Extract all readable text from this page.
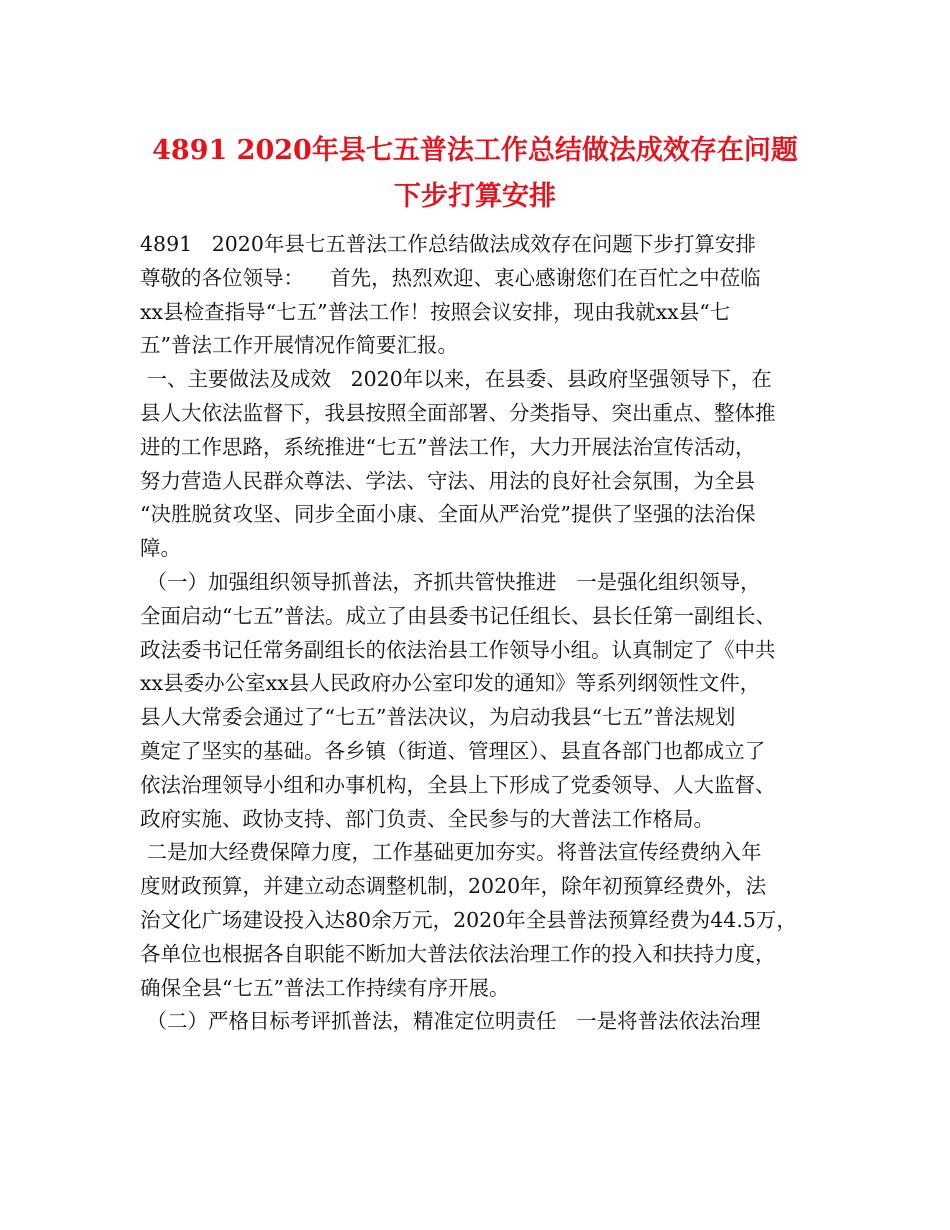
4891 2020年县七五普法工作总结做法成效存在问题
下步打算安排
4891   2020年县七五普法工作总结做法成效存在问题下步打算安排
尊敬的各位领导：    首先，热烈欢迎、衷心感谢您们在百忙之中莅临
xx县检查指导“七五”普法工作！按照会议安排，现由我就xx县“七
五”普法工作开展情况作简要汇报。
一、主要做法及成效   2020年以来，在县委、县政府坚强领导下，在
县人大依法监督下，我县按照全面部署、分类指导、突出重点、整体推
进的工作思路，系统推进“七五”普法工作，大力开展法治宣传活动，
努力营造人民群众尊法、学法、守法、用法的良好社会氛围，为全县
“决胜脱贫攻坚、同步全面小康、全面从严治党”提供了坚强的法治保
障。
（一）加强组织领导抓普法，齐抓共管快推进   一是强化组织领导，
全面启动“七五”普法。成立了由县委书记任组长、县长任第一副组长、
政法委书记任常务副组长的依法治县工作领导小组。认真制定了《中共
xx县委办公室xx县人民政府办公室印发的通知》等系列纲领性文件，
县人大常委会通过了“七五”普法决议，为启动我县“七五”普法规划
奠定了坚实的基础。各乡镇（街道、管理区）、县直各部门也都成立了
依法治理领导小组和办事机构，全县上下形成了党委领导、人大监督、
政府实施、政协支持、部门负责、全民参与的大普法工作格局。
二是加大经费保障力度，工作基础更加夯实。将普法宣传经费纳入年
度财政预算，并建立动态调整机制，2020年，除年初预算经费外，法
治文化广场建设投入达80余万元，2020年全县普法预算经费为44.5万，
各单位也根据各自职能不断加大普法依法治理工作的投入和扶持力度，
确保全县“七五”普法工作持续有序开展。
（二）严格目标考评抓普法，精准定位明责任   一是将普法依法治理
